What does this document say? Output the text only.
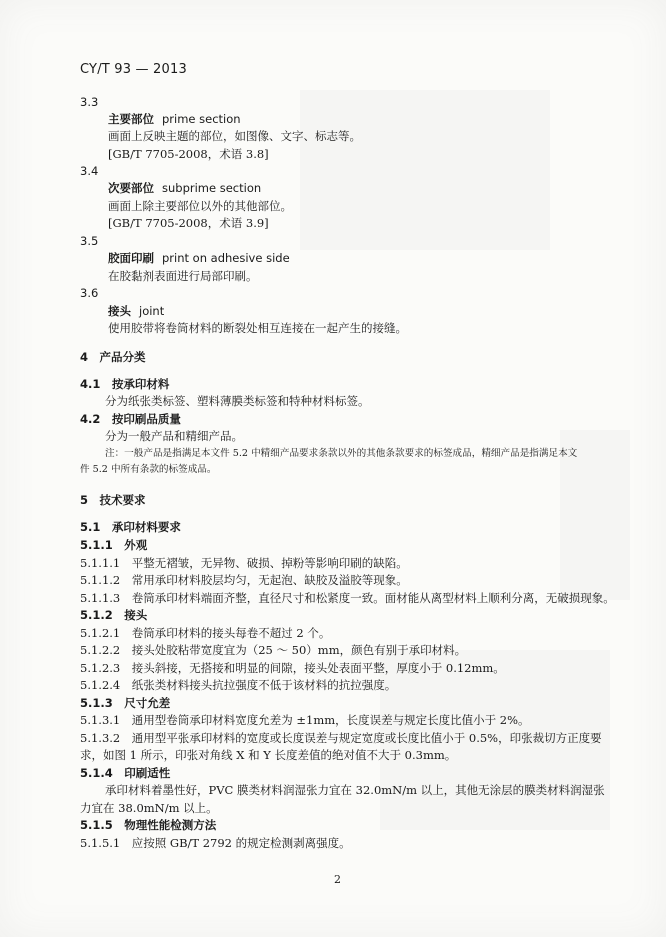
CY/T 93 — 2013
3.3
主要部位 prime section
画面上反映主题的部位，如图像、文字、标志等。
[GB/T 7705-2008，术语 3.8]
3.4
次要部位 subprime section
画面上除主要部位以外的其他部位。
[GB/T 7705-2008，术语 3.9]
3.5
胶面印刷 print on adhesive side
在胶黏剂表面进行局部印刷。
3.6
接头 joint
使用胶带将卷筒材料的断裂处相互连接在一起产生的接缝。
4　产品分类
4.1　按承印材料
分为纸张类标签、塑料薄膜类标签和特种材料标签。
4.2　按印刷品质量
分为一般产品和精细产品。
注：一般产品是指满足本文件 5.2 中精细产品要求条款以外的其他条款要求的标签成品，精细产品是指满足本文
件 5.2 中所有条款的标签成品。
5　技术要求
5.1　承印材料要求
5.1.1　外观
5.1.1.1　平整无褶皱，无异物、破损、掉粉等影响印刷的缺陷。
5.1.1.2　常用承印材料胶层均匀，无起泡、缺胶及溢胶等现象。
5.1.1.3　卷筒承印材料端面齐整，直径尺寸和松紧度一致。面材能从离型材料上顺利分离，无破损现象。
5.1.2　接头
5.1.2.1　卷筒承印材料的接头每卷不超过 2 个。
5.1.2.2　接头处胶粘带宽度宜为（25 ～ 50）mm，颜色有别于承印材料。
5.1.2.3　接头斜接，无搭接和明显的间隙，接头处表面平整，厚度小于 0.12mm。
5.1.2.4　纸张类材料接头抗拉强度不低于该材料的抗拉强度。
5.1.3　尺寸允差
5.1.3.1　通用型卷筒承印材料宽度允差为 ±1mm，长度误差与规定长度比值小于 2%。
5.1.3.2　通用型平张承印材料的宽度或长度误差与规定宽度或长度比值小于 0.5%，印张裁切方正度要
求，如图 1 所示，印张对角线 X 和 Y 长度差值的绝对值不大于 0.3mm。
5.1.4　印刷适性
承印材料着墨性好，PVC 膜类材料润湿张力宜在 32.0mN/m 以上，其他无涂层的膜类材料润湿张
力宜在 38.0mN/m 以上。
5.1.5　物理性能检测方法
5.1.5.1　应按照 GB/T 2792 的规定检测剥离强度。
2
